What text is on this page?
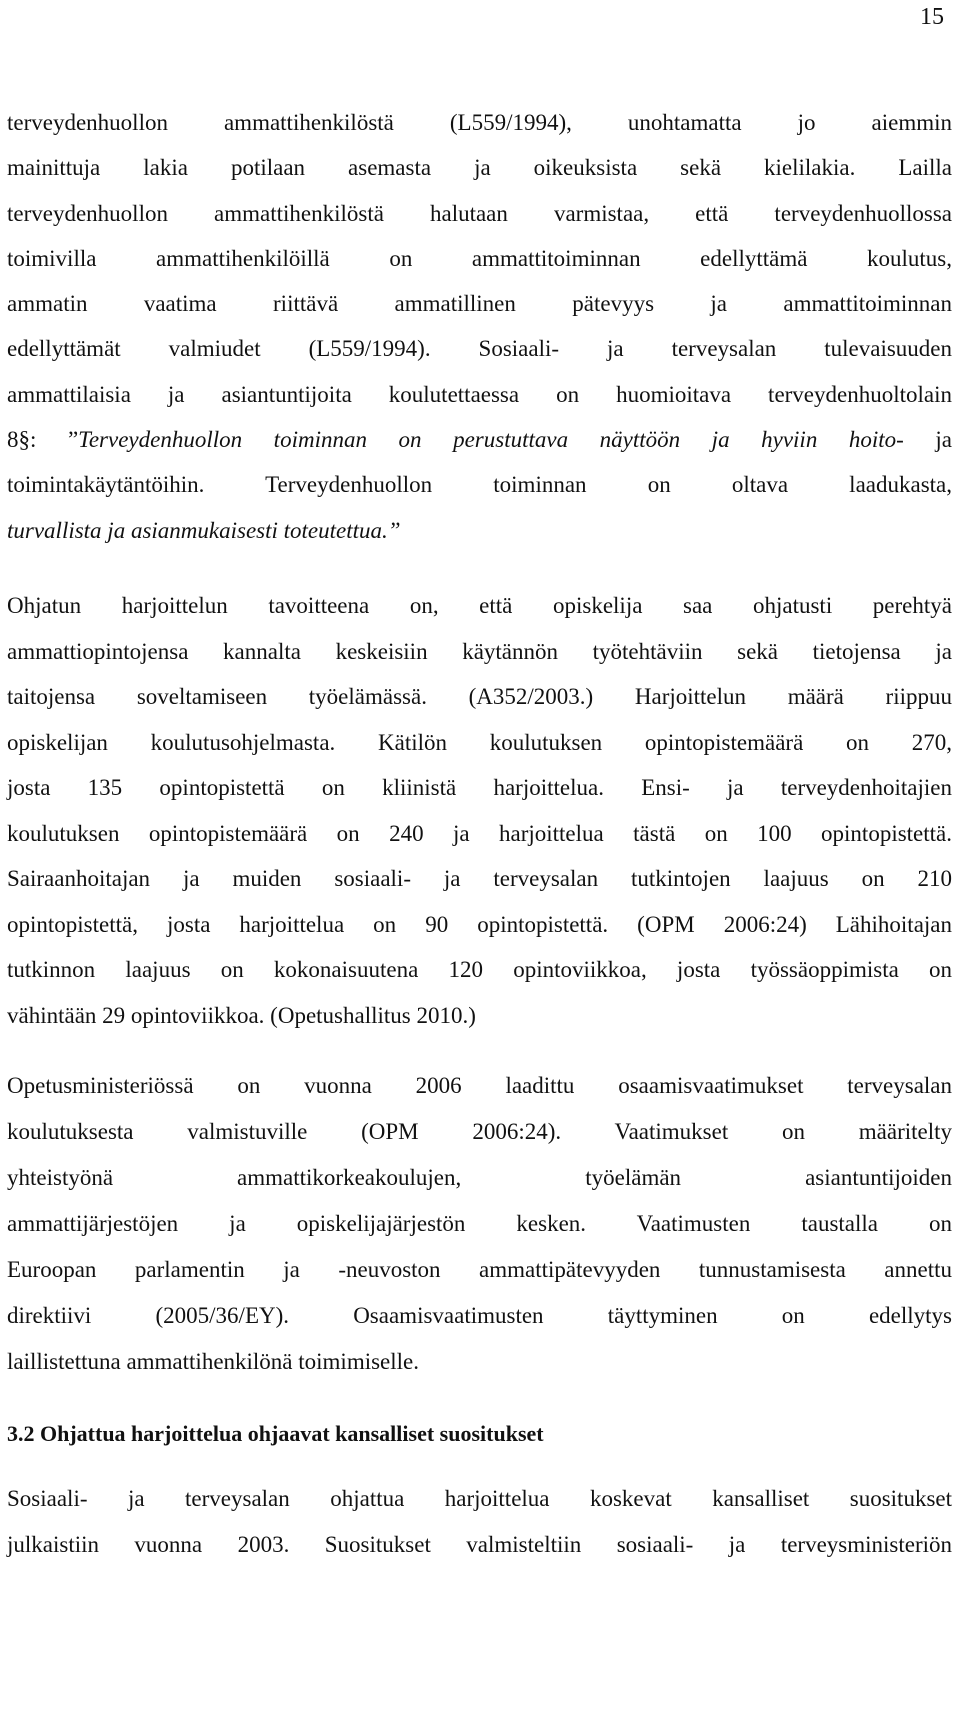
15
terveydenhuollon ammattihenkilöstä (L559/1994), unohtamatta jo aiemmin
mainittuja lakia potilaan asemasta ja oikeuksista sekä kielilakia. Lailla
terveydenhuollon ammattihenkilöstä halutaan varmistaa, että terveydenhuollossa
toimivilla ammattihenkilöillä on ammattitoiminnan edellyttämä koulutus,
ammatin vaatima riittävä ammatillinen pätevyys ja ammattitoiminnan
edellyttämät valmiudet (L559/1994). Sosiaali- ja terveysalan tulevaisuuden
ammattilaisia ja asiantuntijoita koulutettaessa on huomioitava terveydenhuoltolain
8§: ”Terveydenhuollon toiminnan on perustuttava näyttöön ja hyviin hoito- ja
toimintakäytäntöihin. Terveydenhuollon toiminnan on oltava laadukasta,
turvallista ja asianmukaisesti toteutettua.”
Ohjatun harjoittelun tavoitteena on, että opiskelija saa ohjatusti perehtyä
ammattiopintojensa kannalta keskeisiin käytännön työtehtäviin sekä tietojensa ja
taitojensa soveltamiseen työelämässä. (A352/2003.) Harjoittelun määrä riippuu
opiskelijan koulutusohjelmasta. Kätilön koulutuksen opintopistemäärä on 270,
josta 135 opintopistettä on kliinistä harjoittelua. Ensi- ja terveydenhoitajien
koulutuksen opintopistemäärä on 240 ja harjoittelua tästä on 100 opintopistettä.
Sairaanhoitajan ja muiden sosiaali- ja terveysalan tutkintojen laajuus on 210
opintopistettä, josta harjoittelua on 90 opintopistettä. (OPM 2006:24) Lähihoitajan
tutkinnon laajuus on kokonaisuutena 120 opintoviikkoa, josta työssäoppimista on
vähintään 29 opintoviikkoa. (Opetushallitus 2010.)
Opetusministeriössä on vuonna 2006 laadittu osaamisvaatimukset terveysalan
koulutuksesta valmistuville (OPM 2006:24). Vaatimukset on määritelty
yhteistyönä ammattikorkeakoulujen, työelämän asiantuntijoiden
ammattijärjestöjen ja opiskelijajärjestön kesken. Vaatimusten taustalla on
Euroopan parlamentin ja -neuvoston ammattipätevyyden tunnustamisesta annettu
direktiivi (2005/36/EY). Osaamisvaatimusten täyttyminen on edellytys
laillistettuna ammattihenkilönä toimimiselle.
3.2 Ohjattua harjoittelua ohjaavat kansalliset suositukset
Sosiaali- ja terveysalan ohjattua harjoittelua koskevat kansalliset suositukset
julkaistiin vuonna 2003. Suositukset valmisteltiin sosiaali- ja terveysministeriön
